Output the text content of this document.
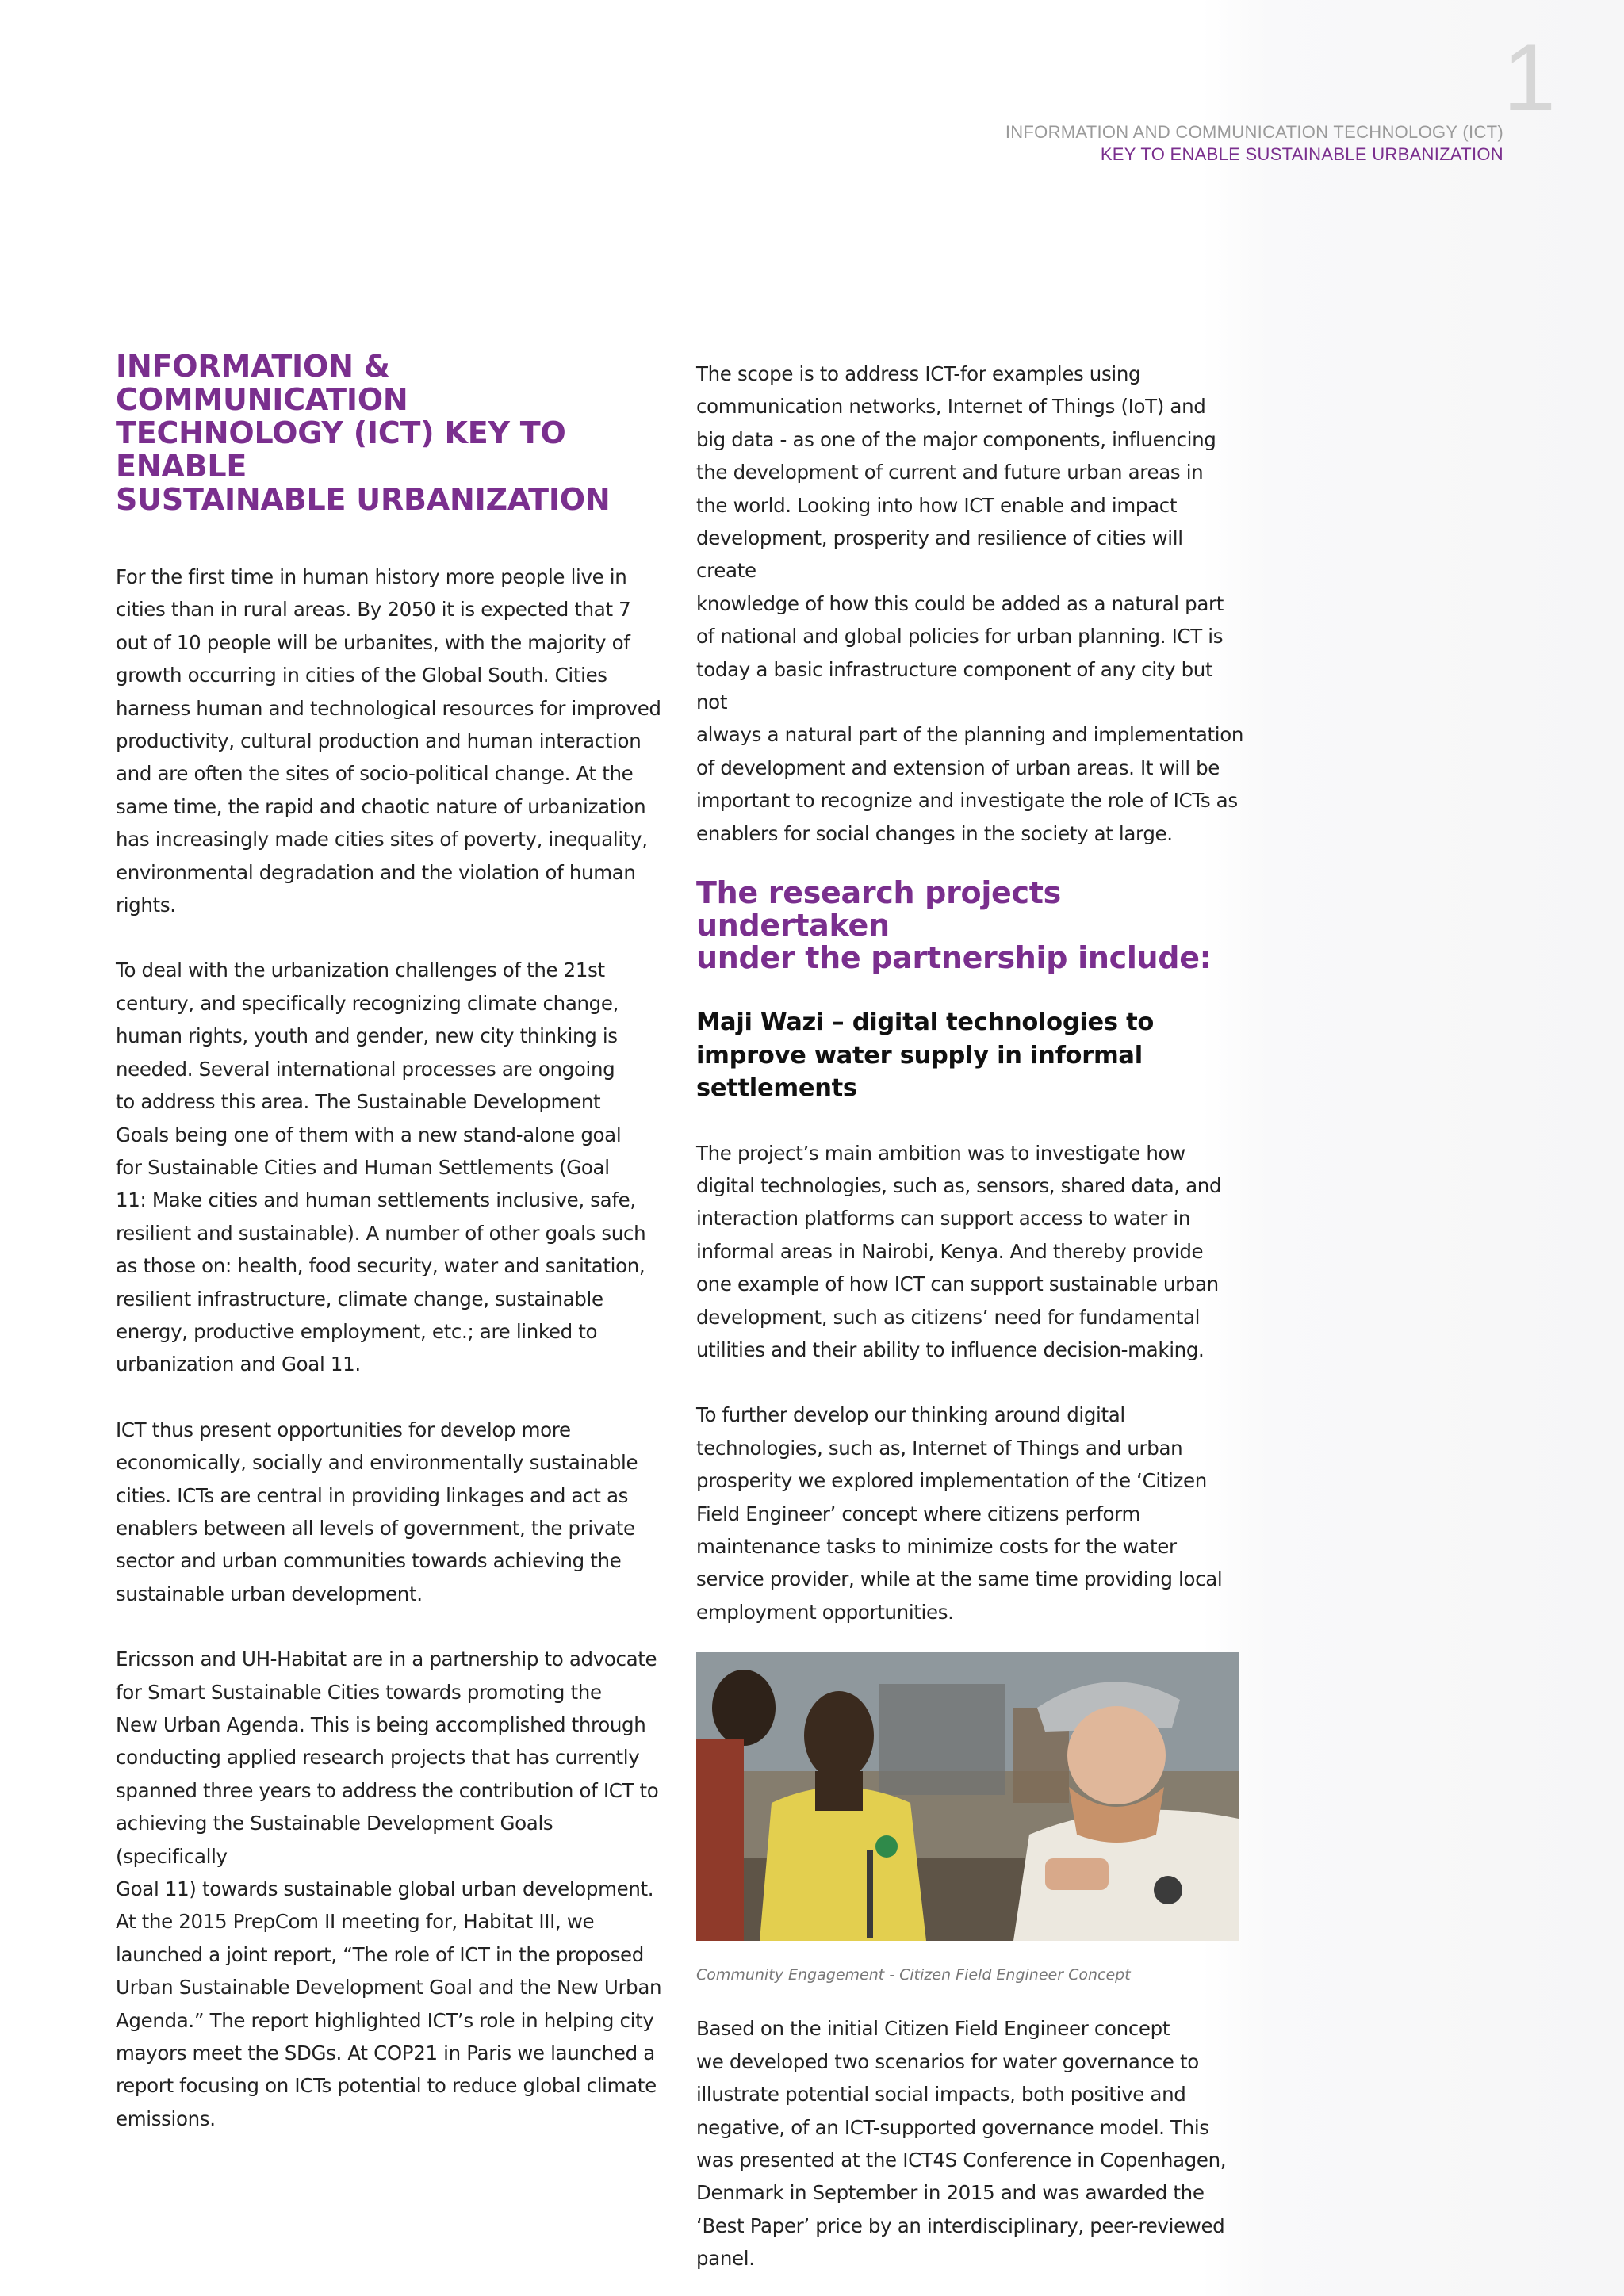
1
INFORMATION AND COMMUNICATION TECHNOLOGY (ICT)
KEY TO ENABLE SUSTAINABLE URBANIZATION
INFORMATION & COMMUNICATION
TECHNOLOGY (ICT) KEY TO ENABLE
SUSTAINABLE URBANIZATION
For the first time in human history more people live in
cities than in rural areas. By 2050 it is expected that 7
out of 10 people will be urbanites, with the majority of
growth occurring in cities of the Global South. Cities
harness human and technological resources for improved
productivity, cultural production and human interaction
and are often the sites of socio-political change. At the
same time, the rapid and chaotic nature of urbanization
has increasingly made cities sites of poverty, inequality,
environmental degradation and the violation of human
rights.
To deal with the urbanization challenges of the 21st
century, and specifically recognizing climate change,
human rights, youth and gender, new city thinking is
needed. Several international processes are ongoing
to address this area. The Sustainable Development
Goals being one of them with a new stand-alone goal
for Sustainable Cities and Human Settlements (Goal
11: Make cities and human settlements inclusive, safe,
resilient and sustainable). A number of other goals such
as those on: health, food security, water and sanitation,
resilient infrastructure, climate change, sustainable
energy, productive employment, etc.; are linked to
urbanization and Goal 11.
ICT thus present opportunities for develop more
economically, socially and environmentally sustainable
cities. ICTs are central in providing linkages and act as
enablers between all levels of government, the private
sector and urban communities towards achieving the
sustainable urban development.
Ericsson and UH-Habitat are in a partnership to advocate
for Smart Sustainable Cities towards promoting the
New Urban Agenda. This is being accomplished through
conducting applied research projects that has currently
spanned three years to address the contribution of ICT to
achieving the Sustainable Development Goals (specifically
Goal 11) towards sustainable global urban development.
At the 2015 PrepCom II meeting for, Habitat III, we
launched a joint report, “The role of ICT in the proposed
Urban Sustainable Development Goal and the New Urban
Agenda.” The report highlighted ICT’s role in helping city
mayors meet the SDGs. At COP21 in Paris we launched a
report focusing on ICTs potential to reduce global climate
emissions.
The scope is to address ICT-for examples using
communication networks, Internet of Things (IoT) and
big data - as one of the major components, influencing
the development of current and future urban areas in
the world. Looking into how ICT enable and impact
development, prosperity and resilience of cities will create
knowledge of how this could be added as a natural part
of national and global policies for urban planning. ICT is
today a basic infrastructure component of any city but not
always a natural part of the planning and implementation
of development and extension of urban areas. It will be
important to recognize and investigate the role of ICTs as
enablers for social changes in the society at large.
The research projects undertaken
under the partnership include:
Maji Wazi – digital technologies to
improve water supply in informal
settlements
The project’s main ambition was to investigate how
digital technologies, such as, sensors, shared data, and
interaction platforms can support access to water in
informal areas in Nairobi, Kenya. And thereby provide
one example of how ICT can support sustainable urban
development, such as citizens’ need for fundamental
utilities and their ability to influence decision-making.
To further develop our thinking around digital
technologies, such as, Internet of Things and urban
prosperity we explored implementation of the ‘Citizen
Field Engineer’ concept where citizens perform
maintenance tasks to minimize costs for the water
service provider, while at the same time providing local
employment opportunities.

Community Engagement - Citizen Field Engineer Concept

Based on the initial Citizen Field Engineer concept
we developed two scenarios for water governance to
illustrate potential social impacts, both positive and
negative, of an ICT-supported governance model. This
was presented at the ICT4S Conference in Copenhagen,
Denmark in September in 2015 and was awarded the
‘Best Paper’ price by an interdisciplinary, peer-reviewed
panel.
